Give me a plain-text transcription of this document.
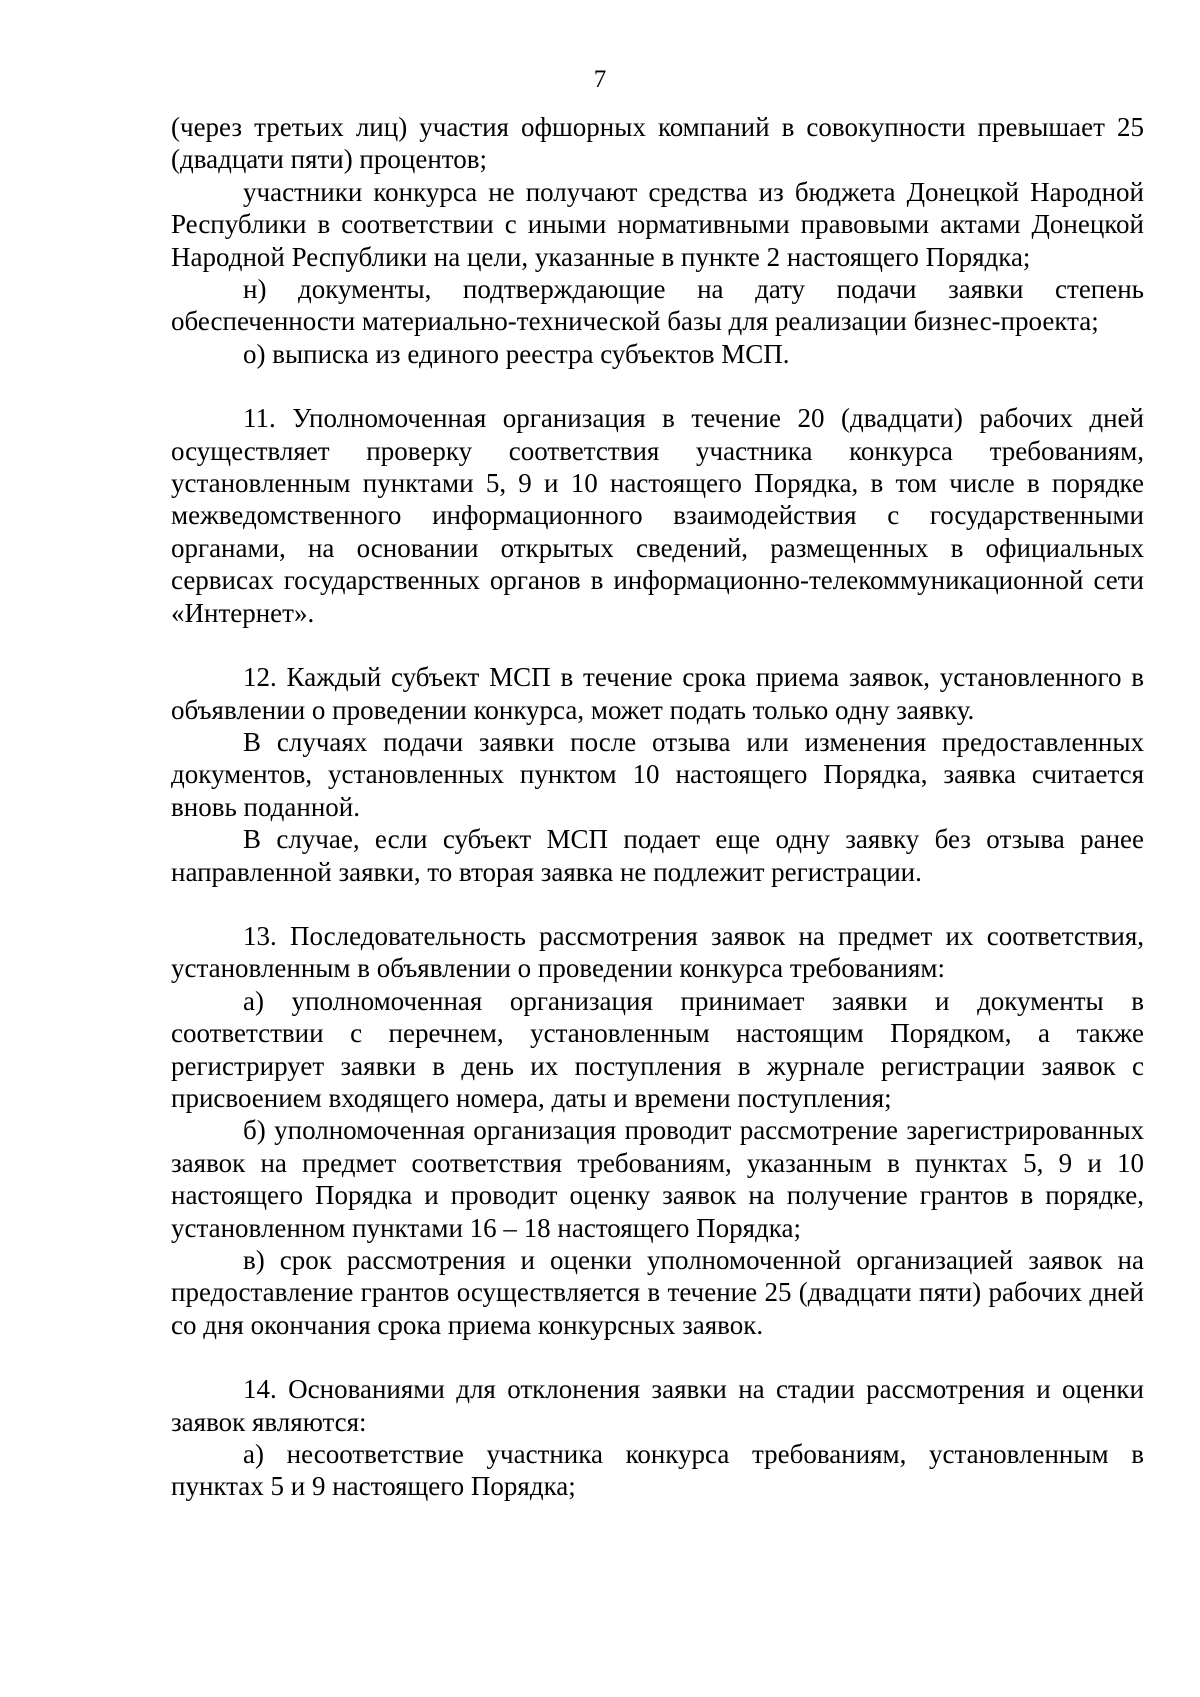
7

(через третьих лиц) участия офшорных компаний в совокупности превышает 25 (двадцати пяти) процентов;

участники конкурса не получают средства из бюджета Донецкой Народной Республики в соответствии с иными нормативными правовыми актами Донецкой Народной Республики на цели, указанные в пункте 2 настоящего Порядка;

н) документы, подтверждающие на дату подачи заявки степень обеспеченности материально-технической базы для реализации бизнес-проекта;

о) выписка из единого реестра субъектов МСП.

11. Уполномоченная организация в течение 20 (двадцати) рабочих дней осуществляет проверку соответствия участника конкурса требованиям, установленным пунктами 5, 9 и 10 настоящего Порядка, в том числе в порядке межведомственного информационного взаимодействия с государственными органами, на основании открытых сведений, размещенных в официальных сервисах государственных органов в информационно-телекоммуникационной сети «Интернет».

12. Каждый субъект МСП в течение срока приема заявок, установленного в объявлении о проведении конкурса, может подать только одну заявку.

В случаях подачи заявки после отзыва или изменения предоставленных документов, установленных пунктом 10 настоящего Порядка, заявка считается вновь поданной.

В случае, если субъект МСП подает еще одну заявку без отзыва ранее направленной заявки, то вторая заявка не подлежит регистрации.

13. Последовательность рассмотрения заявок на предмет их соответствия, установленным в объявлении о проведении конкурса требованиям:

а) уполномоченная организация принимает заявки и документы в соответствии с перечнем, установленным настоящим Порядком, а также регистрирует заявки в день их поступления в журнале регистрации заявок с присвоением входящего номера, даты и времени поступления;

б) уполномоченная организация проводит рассмотрение зарегистрированных заявок на предмет соответствия требованиям, указанным в пунктах 5, 9 и 10 настоящего Порядка и проводит оценку заявок на получение грантов в порядке, установленном пунктами 16 – 18 настоящего Порядка;

в) срок рассмотрения и оценки уполномоченной организацией заявок на предоставление грантов осуществляется в течение 25 (двадцати пяти) рабочих дней со дня окончания срока приема конкурсных заявок.

14. Основаниями для отклонения заявки на стадии рассмотрения и оценки заявок являются:

а) несоответствие участника конкурса требованиям, установленным в пунктах 5 и 9 настоящего Порядка;
